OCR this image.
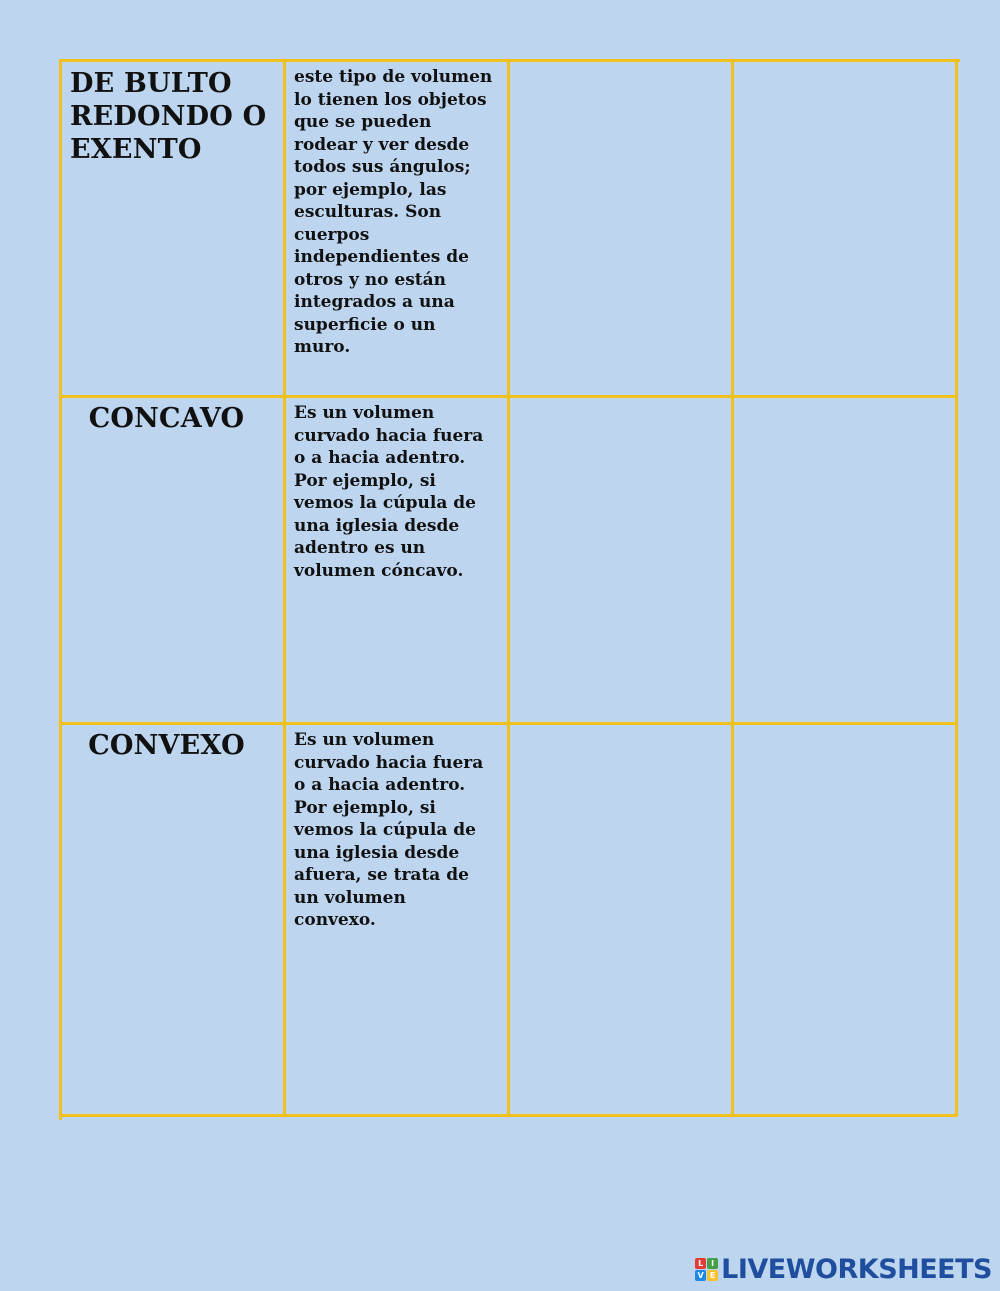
DE BULTO
REDONDO O
EXENTO
este tipo de volumen
lo tienen los objetos
que se pueden
rodear y ver desde
todos sus ángulos;
por ejemplo, las
esculturas. Son
cuerpos
independientes de
otros y no están
integrados a una
superficie o un
muro.
CONCAVO	Es un volumen
curvado hacia fuera
o a hacia adentro.
Por ejemplo, si
vemos la cúpula de
una iglesia desde
adentro es un
volumen cóncavo.
CONVEXO	Es un volumen
curvado hacia fuera
o a hacia adentro.
Por ejemplo, si
vemos la cúpula de
una iglesia desde
afuera, se trata de
un volumen
convexo.
L I
V E LIVEWORKSHEETS
